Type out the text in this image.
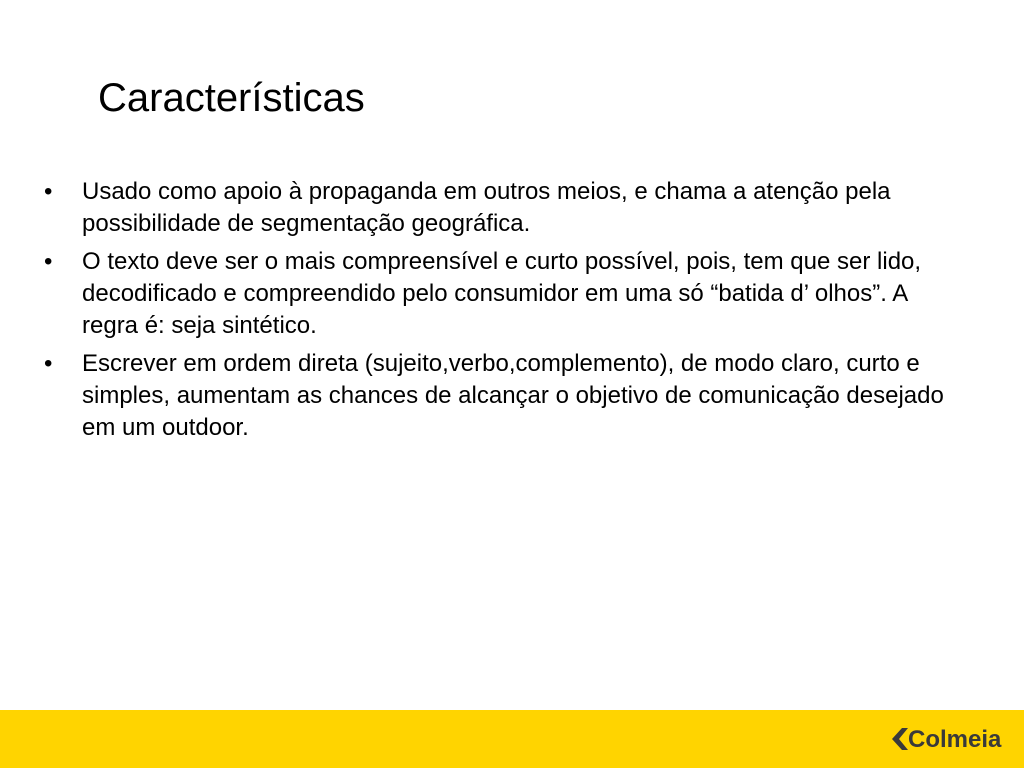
Características
•	Usado como apoio à propaganda em outros meios, e chama a atenção pela possibilidade de segmentação geográfica.
•	O texto deve ser o mais compreensível e curto possível, pois, tem que ser lido, decodificado e compreendido pelo consumidor em uma só “batida d’ olhos”. A regra é: seja sintético.
•	Escrever em ordem direta (sujeito,verbo,complemento), de modo claro, curto e simples, aumentam as chances de alcançar o objetivo de comunicação desejado em um outdoor.
Colmeia
